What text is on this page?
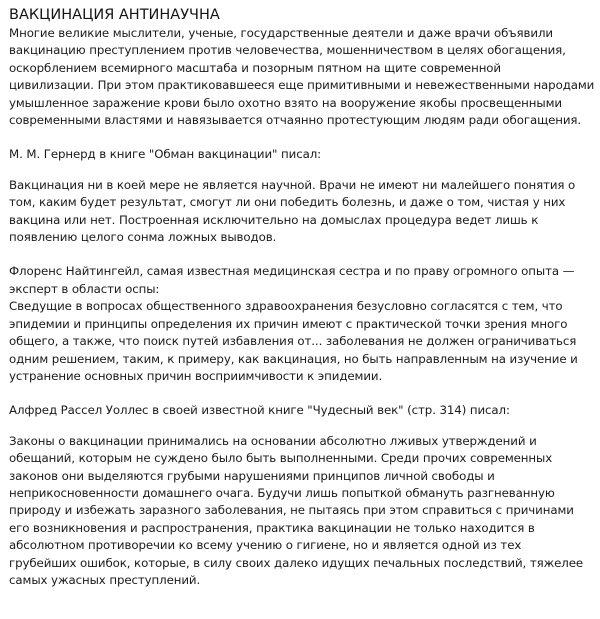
ВАКЦИНАЦИЯ АНТИНАУЧНА
Многие великие мыслители, ученые, государственные деятели и даже врачи объявили
вакцинацию преступлением против человечества, мошенничеством в целях обогащения,
оскорблением всемирного масштаба и позорным пятном на щите современной
цивилизации. При этом практиковавшееся еще примитивными и невежественными народами
умышленное заражение крови было охотно взято на вооружение якобы просвещенными
современными властями и навязывается отчаянно протестующим людям ради обогащения.
М. М. Гернерд в книге "Обман вакцинации" писал:
Вакцинация ни в коей мере не является научной. Врачи не имеют ни малейшего понятия о
том, каким будет результат, смогут ли они победить болезнь, и даже о том, чистая у них
вакцина или нет. Построенная исключительно на домыслах процедура ведет лишь к
появлению целого сонма ложных выводов.
Флоренс Найтингейл, самая известная медицинская сестра и по праву огромного опыта —
эксперт в области оспы:
Сведущие в вопросах общественного здравоохранения безусловно согласятся с тем, что
эпидемии и принципы определения их причин имеют с практической точки зрения много
общего, а также, что поиск путей избавления от... заболевания не должен ограничиваться
одним решением, таким, к примеру, как вакцинация, но быть направленным на изучение и
устранение основных причин восприимчивости к эпидемии.
Алфред Рассел Уоллес в своей известной книге "Чудесный век" (стр. 314) писал:
Законы о вакцинации принимались на основании абсолютно лживых утверждений и
обещаний, которым не суждено было быть выполненными. Среди прочих современных
законов они выделяются грубыми нарушениями принципов личной свободы и
неприкосновенности домашнего очага. Будучи лишь попыткой обмануть разгневанную
природу и избежать заразного заболевания, не пытаясь при этом справиться с причинами
его возникновения и распространения, практика вакцинации не только находится в
абсолютном противоречии ко всему учению о гигиене, но и является одной из тех
грубейших ошибок, которые, в силу своих далеко идущих печальных последствий, тяжелее
самых ужасных преступлений.
